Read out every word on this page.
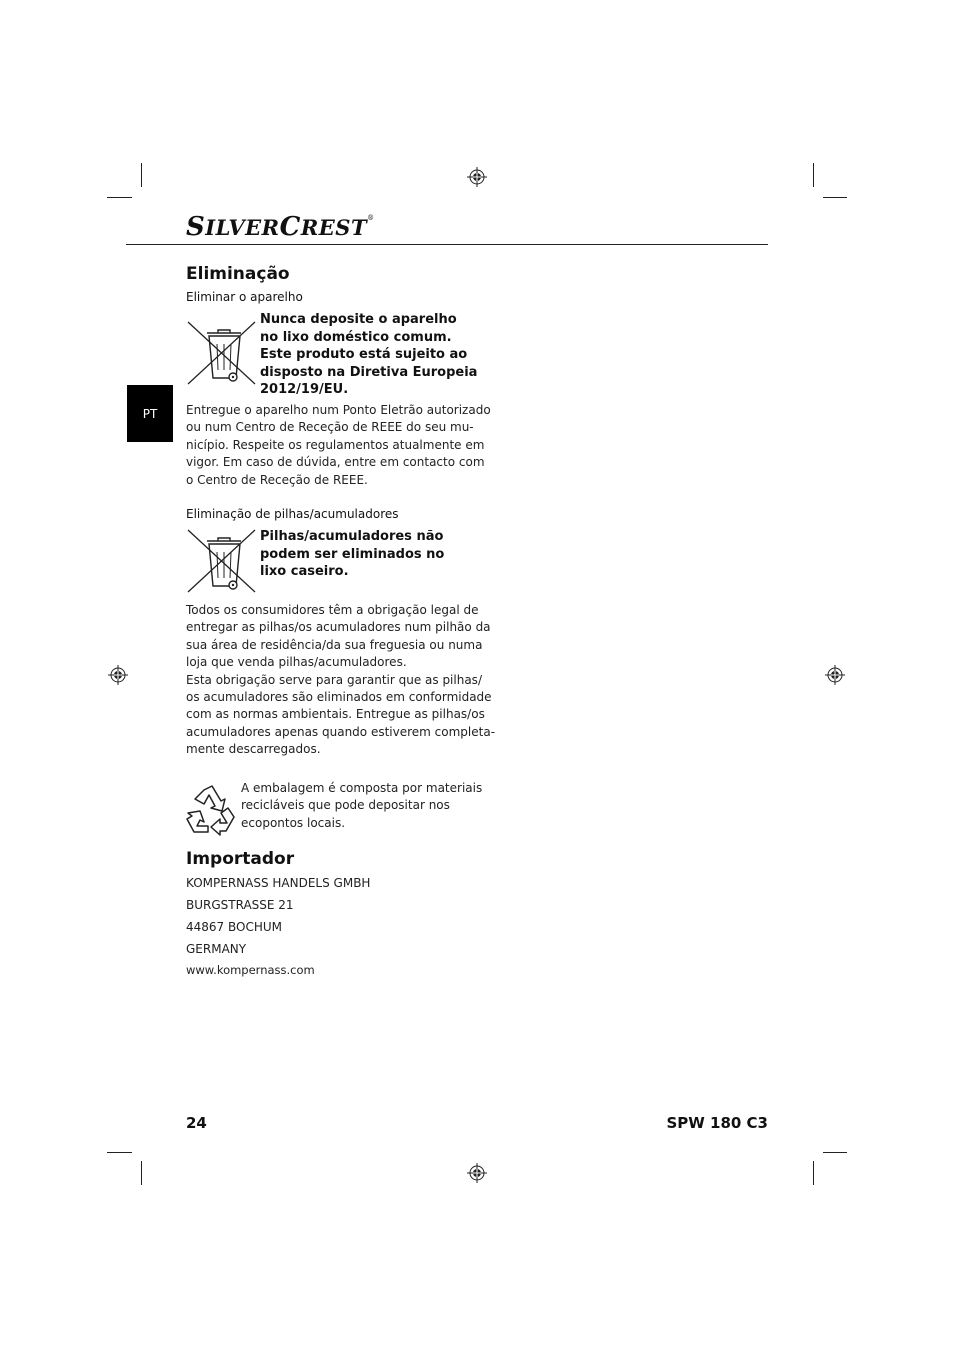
SILVERCREST®
PT
Eliminação
Eliminar o aparelho
Nunca deposite o aparelho
no lixo doméstico comum.
Este produto está sujeito ao
disposto na Diretiva Europeia
2012/19/EU.
Entregue o aparelho num Ponto Eletrão autorizado
ou num Centro de Receção de REEE do seu mu-
nicípio. Respeite os regulamentos atualmente em
vigor. Em caso de dúvida, entre em contacto com
o Centro de Receção de REEE.
Eliminação de pilhas/acumuladores
Pilhas/acumuladores não
podem ser eliminados no
lixo caseiro.
Todos os consumidores têm a obrigação legal de
entregar as pilhas/os acumuladores num pilhão da
sua área de residência/da sua freguesia ou numa
loja que venda pilhas/acumuladores.
Esta obrigação serve para garantir que as pilhas/
os acumuladores são eliminados em conformidade
com as normas ambientais. Entregue as pilhas/os
acumuladores apenas quando estiverem completa-
mente descarregados.
A embalagem é composta por materiais
recicláveis que pode depositar nos
ecopontos locais.
Importador
KOMPERNASS HANDELS GMBH
BURGSTRASSE 21
44867 BOCHUM
GERMANY
www.kompernass.com
24	SPW 180 C3
